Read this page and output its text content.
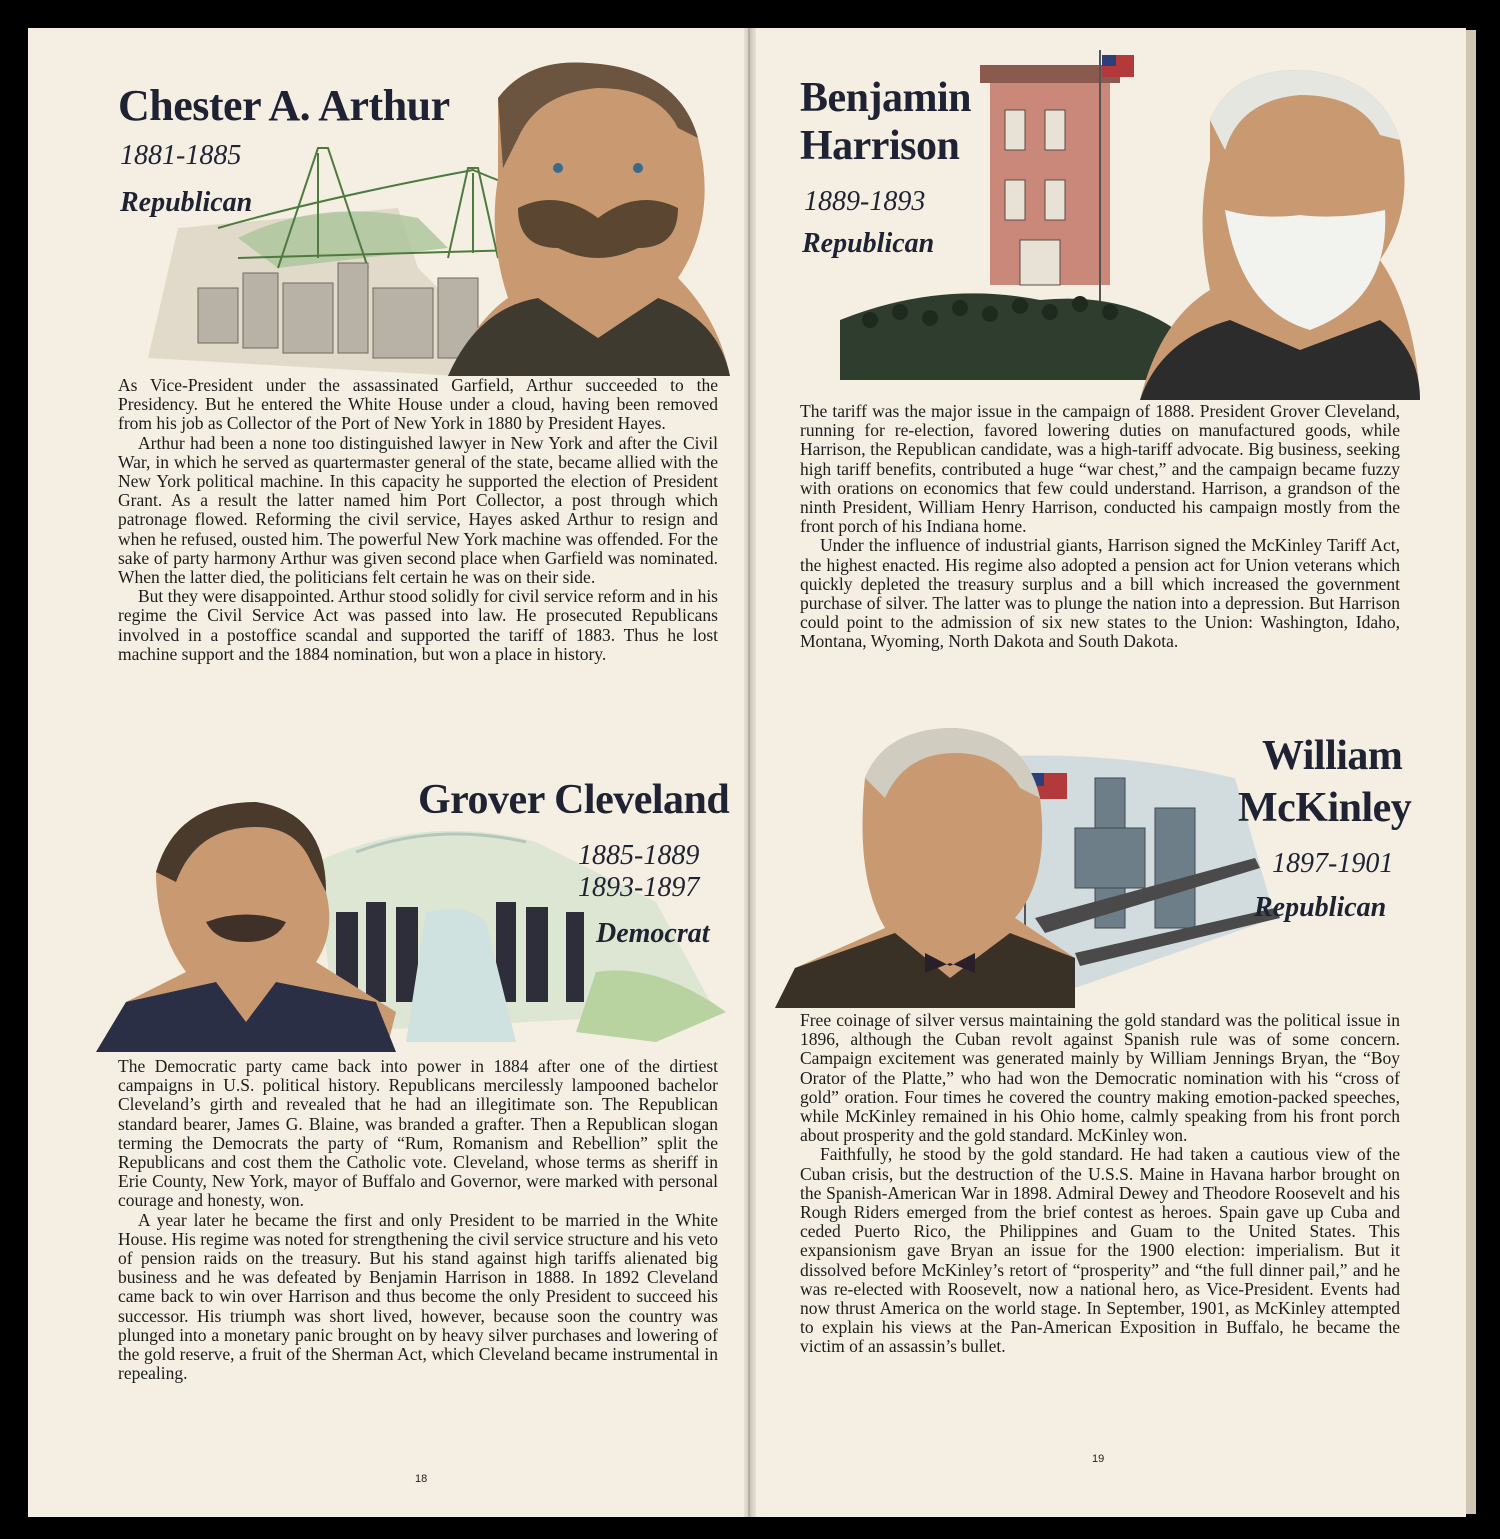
Chester A. Arthur
1881-1885
Republican

As Vice-President under the assassinated Garfield, Arthur succeeded to the Presidency. But he entered the White House under a cloud, having been removed from his job as Collector of the Port of New York in 1880 by President Hayes.

Arthur had been a none too distinguished lawyer in New York and after the Civil War, in which he served as quartermaster general of the state, became allied with the New York political machine. In this capacity he supported the election of President Grant. As a result the latter named him Port Collector, a post through which patronage flowed. Reforming the civil service, Hayes asked Arthur to resign and when he refused, ousted him. The powerful New York machine was offended. For the sake of party harmony Arthur was given second place when Garfield was nominated. When the latter died, the politicians felt certain he was on their side.

But they were disappointed. Arthur stood solidly for civil service reform and in his regime the Civil Service Act was passed into law. He prosecuted Republicans involved in a postoffice scandal and supported the tariff of 1883. Thus he lost machine support and the 1884 nomination, but won a place in history.

Grover Cleveland
1885-1889
1893-1897
Democrat

The Democratic party came back into power in 1884 after one of the dirtiest campaigns in U.S. political history. Republicans mercilessly lampooned bachelor Cleveland’s girth and revealed that he had an illegitimate son. The Republican standard bearer, James G. Blaine, was branded a grafter. Then a Republican slogan terming the Democrats the party of “Rum, Romanism and Rebellion” split the Republicans and cost them the Catholic vote. Cleveland, whose terms as sheriff in Erie County, New York, mayor of Buffalo and Governor, were marked with personal courage and honesty, won.

A year later he became the first and only President to be married in the White House. His regime was noted for strengthening the civil service structure and his veto of pension raids on the treasury. But his stand against high tariffs alienated big business and he was defeated by Benjamin Harrison in 1888. In 1892 Cleveland came back to win over Harrison and thus become the only President to succeed his successor. His triumph was short lived, however, because soon the country was plunged into a monetary panic brought on by heavy silver purchases and lowering of the gold reserve, a fruit of the Sherman Act, which Cleveland became instrumental in repealing.

18
Benjamin
Harrison
1889-1893
Republican

The tariff was the major issue in the campaign of 1888. President Grover Cleveland, running for re-election, favored lowering duties on manufactured goods, while Harrison, the Republican candidate, was a high-tariff advocate. Big business, seeking high tariff benefits, contributed a huge “war chest,” and the campaign became fuzzy with orations on economics that few could understand. Harrison, a grandson of the ninth President, William Henry Harrison, conducted his campaign mostly from the front porch of his Indiana home.

Under the influence of industrial giants, Harrison signed the McKinley Tariff Act, the highest enacted. His regime also adopted a pension act for Union veterans which quickly depleted the treasury surplus and a bill which increased the government purchase of silver. The latter was to plunge the nation into a depression. But Harrison could point to the admission of six new states to the Union: Washington, Idaho, Montana, Wyoming, North Dakota and South Dakota.

William
McKinley
1897-1901
Republican

Free coinage of silver versus maintaining the gold standard was the political issue in 1896, although the Cuban revolt against Spanish rule was of some concern. Campaign excitement was generated mainly by William Jennings Bryan, the “Boy Orator of the Platte,” who had won the Democratic nomination with his “cross of gold” oration. Four times he covered the country making emotion-packed speeches, while McKinley remained in his Ohio home, calmly speaking from his front porch about prosperity and the gold standard. McKinley won.

Faithfully, he stood by the gold standard. He had taken a cautious view of the Cuban crisis, but the destruction of the U.S.S. Maine in Havana harbor brought on the Spanish-American War in 1898. Admiral Dewey and Theodore Roosevelt and his Rough Riders emerged from the brief contest as heroes. Spain gave up Cuba and ceded Puerto Rico, the Philippines and Guam to the United States. This expansionism gave Bryan an issue for the 1900 election: imperialism. But it dissolved before McKinley’s retort of “prosperity” and “the full dinner pail,” and he was re-elected with Roosevelt, now a national hero, as Vice-President. Events had now thrust America on the world stage. In September, 1901, as McKinley attempted to explain his views at the Pan-American Exposition in Buffalo, he became the victim of an assassin’s bullet.

19
